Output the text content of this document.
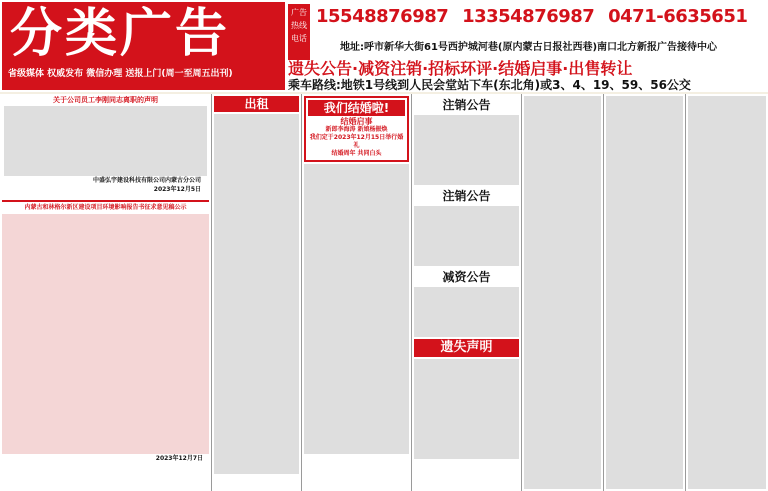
分类广告
省级媒体 权威发布 微信办理 送报上门(周一至周五出刊)
广告热线电话
15548876987 13354876987 0471-6635651
地址:呼市新华大街61号西护城河巷(原内蒙古日报社西巷)南口北方新报广告接待中心
遗失公告·减资注销·招标环评·结婚启事·出售转让
乘车路线:地铁1号线到人民会堂站下车(东北角)或3、4、19、59、56公交
关于公司员工李刚同志离职的声明
中盛弘宇建设科技有限公司内蒙古分公司
2023年12月5日
内蒙古和林格尔新区建设项目环境影响报告书征求意见稿公示
2023年12月7日
出租	我们结婚啦!
结婚启事
新郎李海涛 新娘杨振焕
我们定于2023年12月15日举行婚礼
结婚周年 共同白头
注销公告
注销公告
减资公告
遗失声明
